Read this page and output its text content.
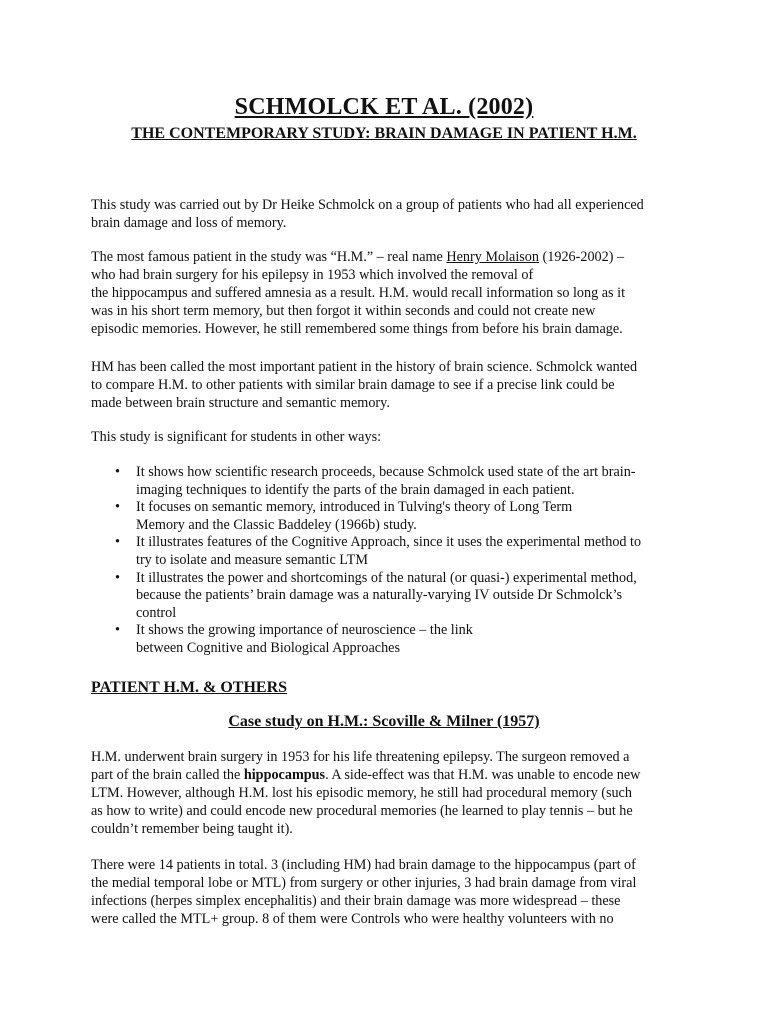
SCHMOLCK ET AL. (2002)
THE CONTEMPORARY STUDY: BRAIN DAMAGE IN PATIENT H.M.

This study was carried out by Dr Heike Schmolck on a group of patients who had all experienced
brain damage and loss of memory.

The most famous patient in the study was “H.M.” – real name Henry Molaison (1926-2002) –
who had brain surgery for his epilepsy in 1953 which involved the removal of
the hippocampus and suffered amnesia as a result. H.M. would recall information so long as it
was in his short term memory, but then forgot it within seconds and could not create new
episodic memories. However, he still remembered some things from before his brain damage.

HM has been called the most important patient in the history of brain science. Schmolck wanted
to compare H.M. to other patients with similar brain damage to see if a precise link could be
made between brain structure and semantic memory.

This study is significant for students in other ways:

• It shows how scientific research proceeds, because Schmolck used state of the art brain-
imaging techniques to identify the parts of the brain damaged in each patient.
• It focuses on semantic memory, introduced in Tulving's theory of Long Term
Memory and the Classic Baddeley (1966b) study.
• It illustrates features of the Cognitive Approach, since it uses the experimental method to
try to isolate and measure semantic LTM
• It illustrates the power and shortcomings of the natural (or quasi-) experimental method,
because the patients’ brain damage was a naturally-varying IV outside Dr Schmolck’s
control
• It shows the growing importance of neuroscience – the link
between Cognitive and Biological Approaches
PATIENT H.M. & OTHERS
Case study on H.M.: Scoville & Milner (1957)

H.M. underwent brain surgery in 1953 for his life threatening epilepsy. The surgeon removed a
part of the brain called the hippocampus. A side-effect was that H.M. was unable to encode new
LTM. However, although H.M. lost his episodic memory, he still had procedural memory (such
as how to write) and could encode new procedural memories (he learned to play tennis – but he
couldn’t remember being taught it).

There were 14 patients in total. 3 (including HM) had brain damage to the hippocampus (part of
the medial temporal lobe or MTL) from surgery or other injuries, 3 had brain damage from viral
infections (herpes simplex encephalitis) and their brain damage was more widespread – these
were called the MTL+ group. 8 of them were Controls who were healthy volunteers with no
